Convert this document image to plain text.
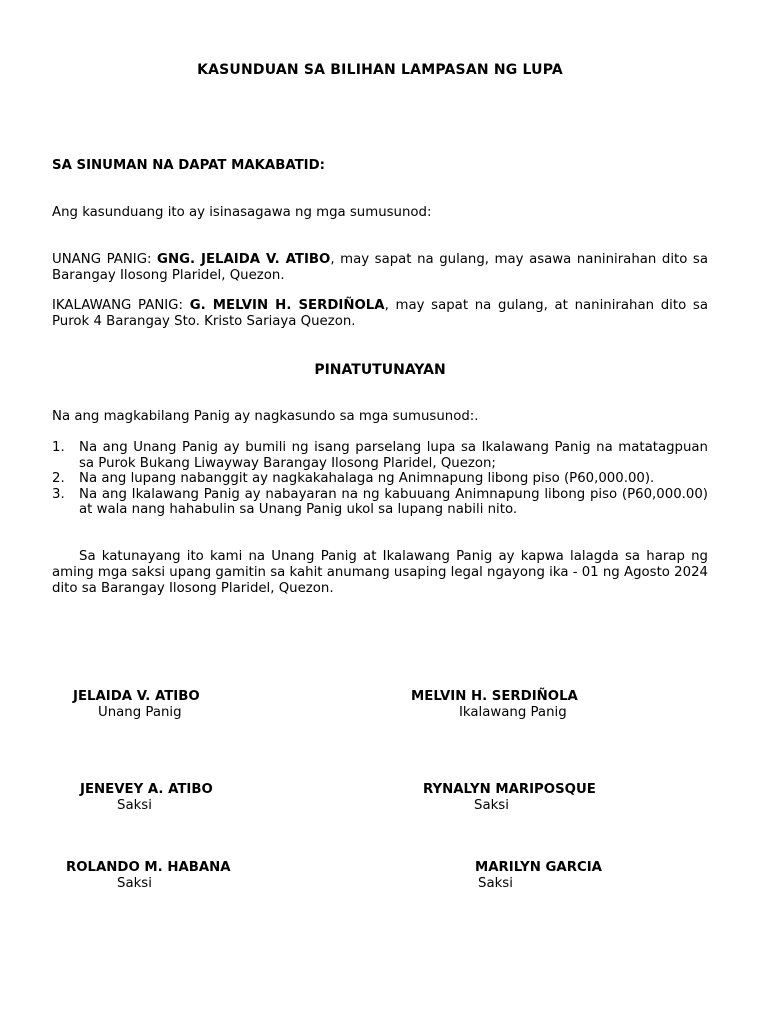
KASUNDUAN SA BILIHAN LAMPASAN NG LUPA
SA SINUMAN NA DAPAT MAKABATID:
Ang kasunduang ito ay isinasagawa ng mga sumusunod:
UNANG PANIG: GNG. JELAIDA V. ATIBO, may sapat na gulang, may asawa naninirahan dito sa Barangay Ilosong Plaridel, Quezon.
IKALAWANG PANIG: G. MELVIN H. SERDIÑOLA, may sapat na gulang, at naninirahan dito sa Purok 4 Barangay Sto. Kristo Sariaya Quezon.
PINATUTUNAYAN
Na ang magkabilang Panig ay nagkasundo sa mga sumusunod:.
1. Na ang Unang Panig ay bumili ng isang parselang lupa sa Ikalawang Panig na matatagpuan sa Purok Bukang Liwayway Barangay Ilosong Plaridel, Quezon;
2. Na ang lupang nabanggit ay nagkakahalaga ng Animnapung libong piso (P60,000.00).
3. Na ang Ikalawang Panig ay nabayaran na ng kabuuang Animnapung libong piso (P60,000.00) at wala nang hahabulin sa Unang Panig ukol sa lupang nabili nito.
Sa katunayang ito kami na Unang Panig at Ikalawang Panig ay kapwa lalagda sa harap ng aming mga saksi upang gamitin sa kahit anumang usaping legal ngayong ika - 01 ng Agosto 2024 dito sa Barangay Ilosong Plaridel, Quezon.
JELAIDA V. ATIBO
Unang Panig
MELVIN H. SERDIÑOLA
Ikalawang Panig
JENEVEY A. ATIBO
Saksi
RYNALYN MARIPOSQUE
Saksi
ROLANDO M. HABANA
Saksi
MARILYN GARCIA
Saksi
